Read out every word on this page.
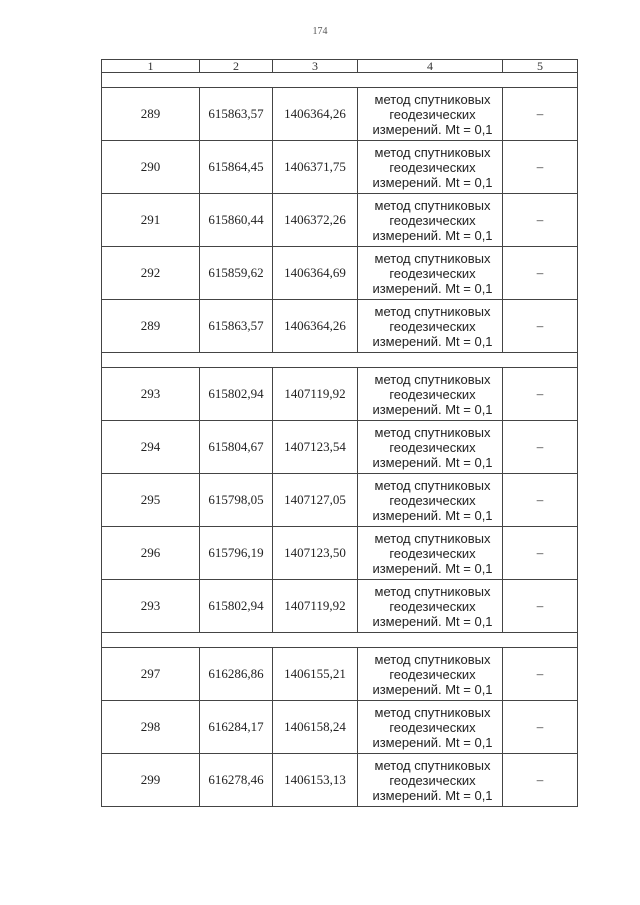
174
1	2	3	4	5

289	615863,57	1406364,26	метод спутниковых
геодезических
измерений. Mt = 0,1	–
290	615864,45	1406371,75	метод спутниковых
геодезических
измерений. Mt = 0,1	–
291	615860,44	1406372,26	метод спутниковых
геодезических
измерений. Mt = 0,1	–
292	615859,62	1406364,69	метод спутниковых
геодезических
измерений. Mt = 0,1	–
289	615863,57	1406364,26	метод спутниковых
геодезических
измерений. Mt = 0,1	–

293	615802,94	1407119,92	метод спутниковых
геодезических
измерений. Mt = 0,1	–
294	615804,67	1407123,54	метод спутниковых
геодезических
измерений. Mt = 0,1	–
295	615798,05	1407127,05	метод спутниковых
геодезических
измерений. Mt = 0,1	–
296	615796,19	1407123,50	метод спутниковых
геодезических
измерений. Mt = 0,1	–
293	615802,94	1407119,92	метод спутниковых
геодезических
измерений. Mt = 0,1	–

297	616286,86	1406155,21	метод спутниковых
геодезических
измерений. Mt = 0,1	–
298	616284,17	1406158,24	метод спутниковых
геодезических
измерений. Mt = 0,1	–
299	616278,46	1406153,13	метод спутниковых
геодезических
измерений. Mt = 0,1	–
